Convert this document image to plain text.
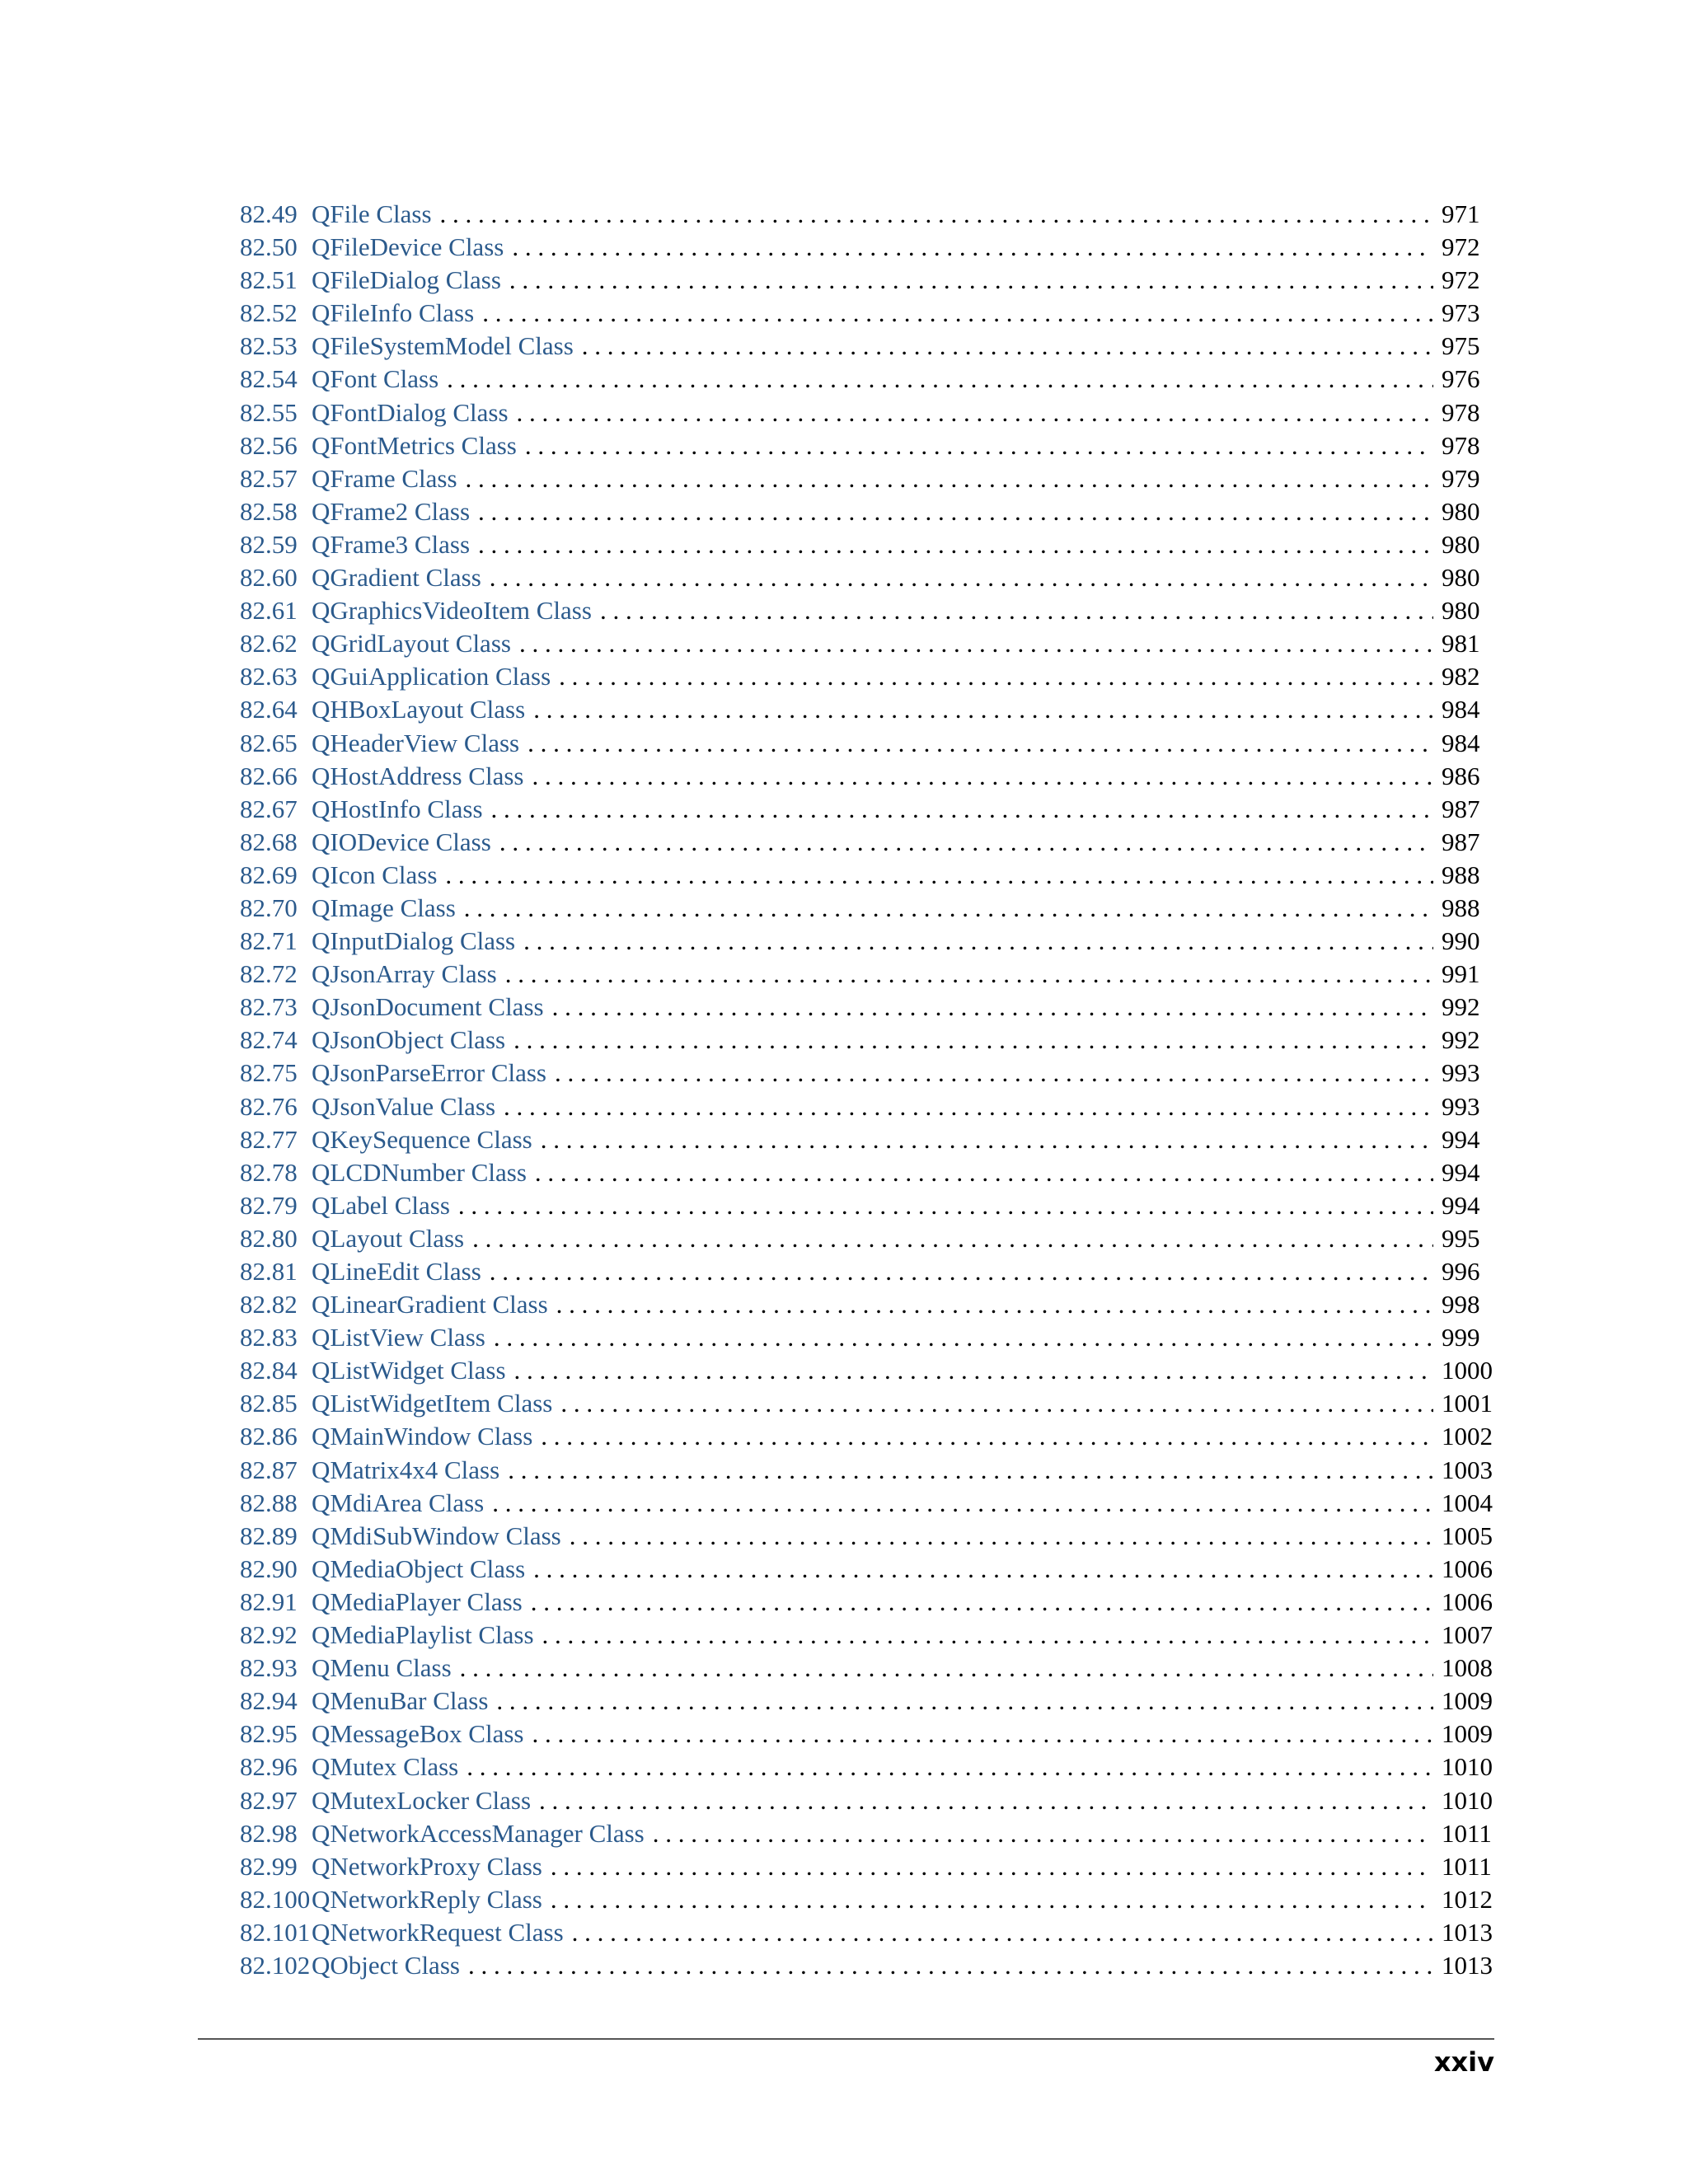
82.49 QFile Class . . .	971
82.50 QFileDevice Class . . .	972
82.51 QFileDialog Class . . .	972
82.52 QFileInfo Class . . .	973
82.53 QFileSystemModel Class . . .	975
82.54 QFont Class . . .	976
82.55 QFontDialog Class . . .	978
82.56 QFontMetrics Class . . .	978
82.57 QFrame Class . . .	979
82.58 QFrame2 Class . . .	980
82.59 QFrame3 Class . . .	980
82.60 QGradient Class . . .	980
82.61 QGraphicsVideoItem Class . . .	980
82.62 QGridLayout Class . . .	981
82.63 QGuiApplication Class . . .	982
82.64 QHBoxLayout Class . . .	984
82.65 QHeaderView Class . . .	984
82.66 QHostAddress Class . . .	986
82.67 QHostInfo Class . . .	987
82.68 QIODevice Class . . .	987
82.69 QIcon Class . . .	988
82.70 QImage Class . . .	988
82.71 QInputDialog Class . . .	990
82.72 QJsonArray Class . . .	991
82.73 QJsonDocument Class . . .	992
82.74 QJsonObject Class . . .	992
82.75 QJsonParseError Class . . .	993
82.76 QJsonValue Class . . .	993
82.77 QKeySequence Class . . .	994
82.78 QLCDNumber Class . . .	994
82.79 QLabel Class . . .	994
82.80 QLayout Class . . .	995
82.81 QLineEdit Class . . .	996
82.82 QLinearGradient Class . . .	998
82.83 QListView Class . . .	999
82.84 QListWidget Class . . .	1000
82.85 QListWidgetItem Class . . .	1001
82.86 QMainWindow Class . . .	1002
82.87 QMatrix4x4 Class . . .	1003
82.88 QMdiArea Class . . .	1004
82.89 QMdiSubWindow Class . . .	1005
82.90 QMediaObject Class . . .	1006
82.91 QMediaPlayer Class . . .	1006
82.92 QMediaPlaylist Class . . .	1007
82.93 QMenu Class . . .	1008
82.94 QMenuBar Class . . .	1009
82.95 QMessageBox Class . . .	1009
82.96 QMutex Class . . .	1010
82.97 QMutexLocker Class . . .	1010
82.98 QNetworkAccessManager Class . . .	1011
82.99 QNetworkProxy Class . . .	1011
82.100 QNetworkReply Class . . .	1012
82.101 QNetworkRequest Class . . .	1013
82.102 QObject Class . . .	1013
xxiv
